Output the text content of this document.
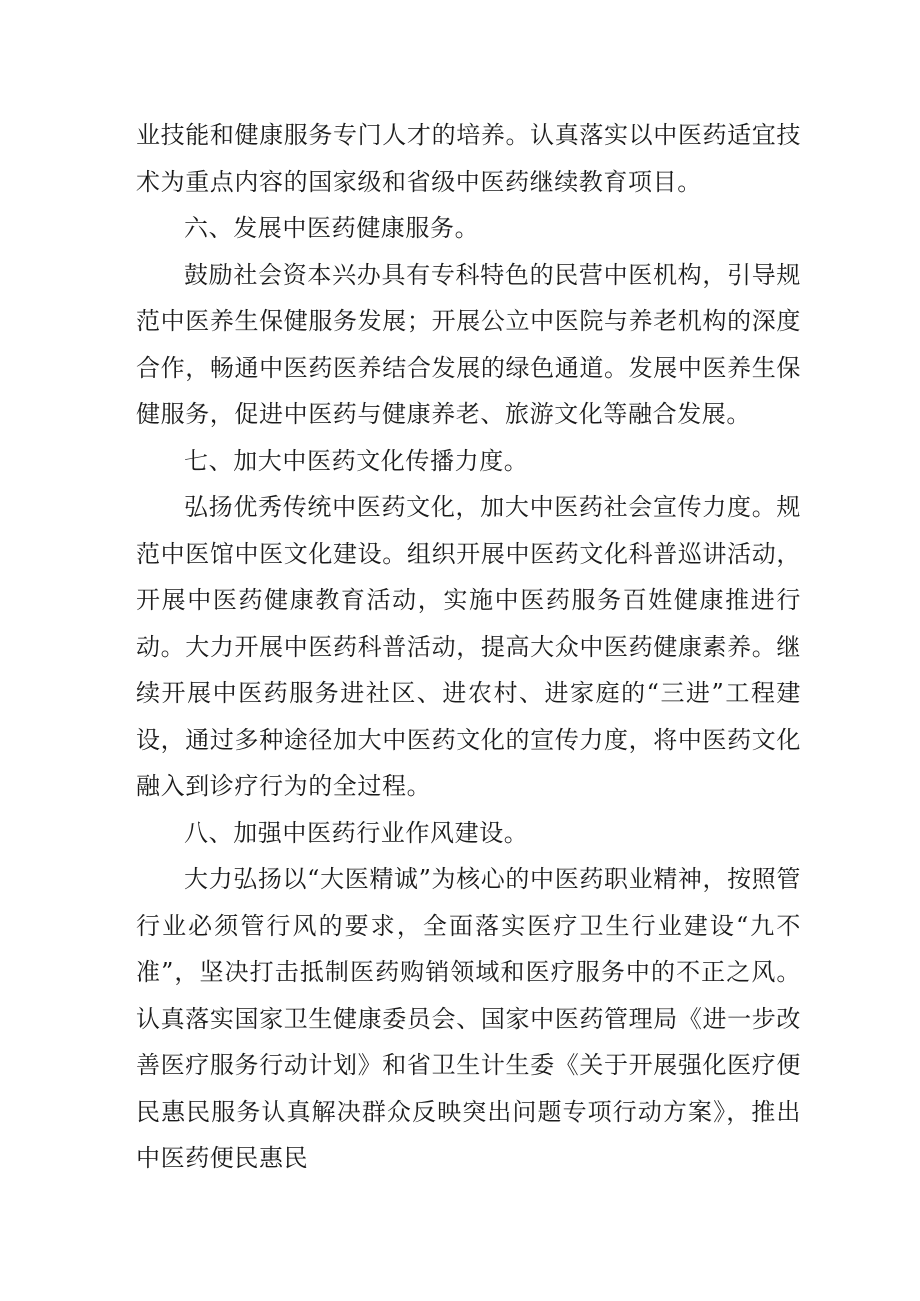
业技能和健康服务专门人才的培养。认真落实以中医药适宜技术为重点内容的国家级和省级中医药继续教育项目。

六、发展中医药健康服务。

鼓励社会资本兴办具有专科特色的民营中医机构，引导规范中医养生保健服务发展；开展公立中医院与养老机构的深度合作，畅通中医药医养结合发展的绿色通道。发展中医养生保健服务，促进中医药与健康养老、旅游文化等融合发展。

七、加大中医药文化传播力度。

弘扬优秀传统中医药文化，加大中医药社会宣传力度。规范中医馆中医文化建设。组织开展中医药文化科普巡讲活动，开展中医药健康教育活动，实施中医药服务百姓健康推进行动。大力开展中医药科普活动，提高大众中医药健康素养。继续开展中医药服务进社区、进农村、进家庭的“三进”工程建设，通过多种途径加大中医药文化的宣传力度，将中医药文化融入到诊疗行为的全过程。

八、加强中医药行业作风建设。

大力弘扬以“大医精诚”为核心的中医药职业精神，按照管行业必须管行风的要求，全面落实医疗卫生行业建设“九不准”，坚决打击抵制医药购销领域和医疗服务中的不正之风。认真落实国家卫生健康委员会、国家中医药管理局《进一步改善医疗服务行动计划》和省卫生计生委《关于开展强化医疗便民惠民服务认真解决群众反映突出问题专项行动方案》，推出中医药便民惠民
